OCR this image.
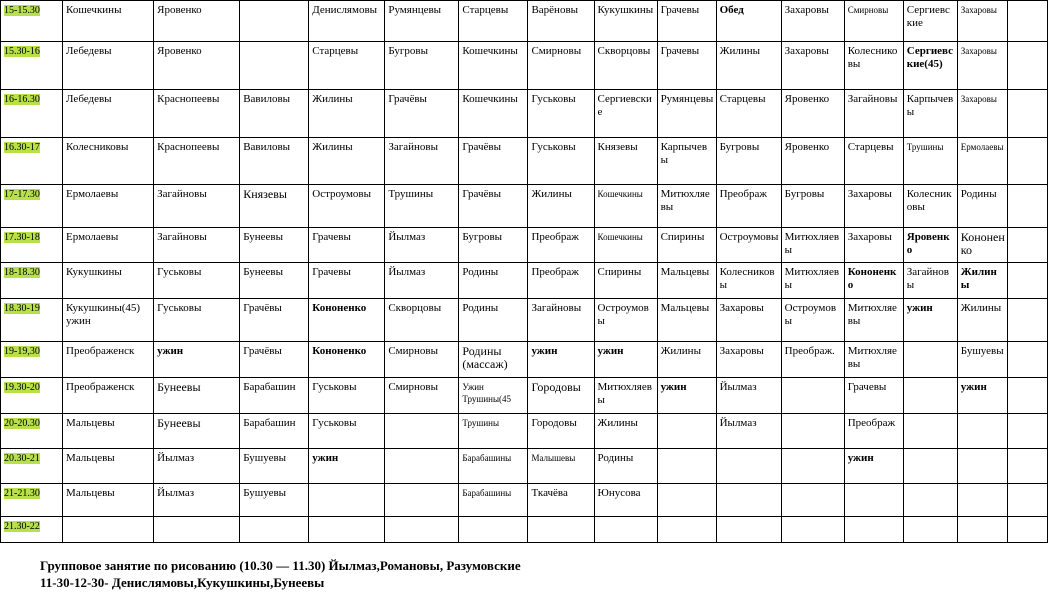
15-15.30	Кошечкины	Яровенко		Денислямовы	Румянцевы	Старцевы	Варёновы	Кукушкины	Грачевы	Обед	Захаровы	Смирновы	Сергиевские	Захаровы	
15.30-16	Лебедевы	Яровенко		Старцевы	Бугровы	Кошечкины	Смирновы	Скворцовы	Грачевы	Жилины	Захаровы	Колесниковы	Сергиевские(45)	Захаровы	
16-16.30	Лебедевы	Краснопеевы	Вавиловы	Жилины	Грачёвы	Кошечкины	Гуськовы	Сергиевские	Румянцевы	Старцевы	Яровенко	Загайновы	Карпычевы	Захаровы	
16.30-17	Колесниковы	Краснопеевы	Вавиловы	Жилины	Загайновы	Грачёвы	Гуськовы	Князевы	Карпычевы	Бугровы	Яровенко	Старцевы	Трушины	Ермолаевы	
17-17.30	Ермолаевы	Загайновы	Князевы	Остроумовы	Трушины	Грачёвы	Жилины	Кошечкины	Митюхляевы	Преображ	Бугровы	Захаровы	Колесниковы	Родины	
17.30-18	Ермолаевы	Загайновы	Бунеевы	Грачевы	Йылмаз	Бугровы	Преображ	Кошечкины	Спирины	Остроумовы	Митюхляевы	Захаровы	Яровенко	Кононенко	
18-18.30	Кукушкины	Гуськовы	Бунеевы	Грачевы	Йылмаз	Родины	Преображ	Спирины	Мальцевы	Колесниковы	Митюхляевы	Кононенко	Загайновы	Жилины	
18.30-19	Кукушкины(45) ужин	Гуськовы	Грачёвы	Кононенко	Скворцовы	Родины	Загайновы	Остроумовы	Мальцевы	Захаровы	Остроумовы	Митюхляевы	ужин	Жилины	
19-19,30	Преображенск	ужин	Грачёвы	Кононенко	Смирновы	Родины (массаж)	ужин	ужин	Жилины	Захаровы	Преображ.	Митюхляевы		Бушуевы	
19.30-20	Преображенск	Бунеевы	Барабашин	Гуськовы	Смирновы	Ужин Трушины(45	Городовы	Митюхляевы	ужин	Йылмаз		Грачевы		ужин	
20-20.30	Мальцевы	Бунеевы	Барабашин	Гуськовы		Трушины	Городовы	Жилины		Йылмаз		Преображ			
20.30-21	Мальцевы	Йылмаз	Бушуевы	ужин		Барабашины	Малышевы	Родины				ужин			
21-21.30	Мальцевы	Йылмаз	Бушуевы			Барабашины	Ткачёва	Юнусова							
21.30-22															
Групповое занятие по рисованию (10.30 — 11.30) Йылмаз,Романовы, Разумовские
11-30-12-30- Денислямовы,Кукушкины,Бунеевы
